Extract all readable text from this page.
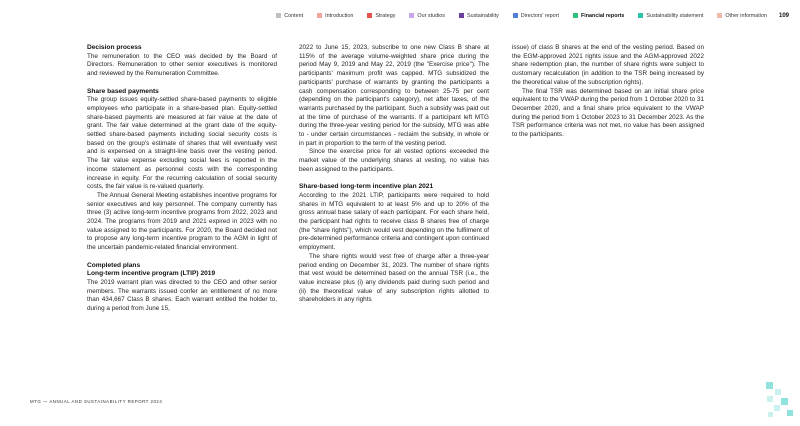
Content	Introduction	Strategy	Our studios	Sustainability	Directors' report	Financial reports	Sustainability statement	Other information 109
Decision process

The remuneration to the CEO was decided by the Board of Directors. Remuneration to other senior executives is monitored and reviewed by the Remuneration Committee.

Share based payments

The group issues equity-settled share-based payments to eligible employees who participate in a share-based plan. Equity-settled share-based payments are measured at fair value at the date of grant. The fair value determined at the grant date of the equity-settled share-based payments including social security costs is based on the group's estimate of shares that will eventually vest and is expensed on a straight-line basis over the vesting period. The fair value expense excluding social fees is reported in the income statement as personnel costs with the corresponding increase in equity. For the recurring calculation of social security costs, the fair value is re-valued quarterly.

The Annual General Meeting establishes incentive programs for senior executives and key personnel. The company currently has three (3) active long-term incentive programs from 2022, 2023 and 2024. The programs from 2019 and 2021 expired in 2023 with no value assigned to the participants. For 2020, the Board decided not to propose any long-term incentive program to the AGM in light of the uncertain pandemic-related financial environment.

Completed plans
Long-term incentive program (LTIP) 2019

The 2019 warrant plan was directed to the CEO and other senior members. The warrants issued confer an entitlement of no more than 434,667 Class B shares. Each warrant entitled the holder to, during a period from June 15,

2022 to June 15, 2023, subscribe to one new Class B share at 115% of the average volume-weighted share price during the period May 9, 2019 and May 22, 2019 (the "Exercise price"). The participants' maximum profit was capped. MTG subsidized the participants' purchase of warrants by granting the participants a cash compensation corresponding to between 25-75 per cent (depending on the participant's category), net after taxes, of the warrants purchased by the participant. Such a subsidy was paid out at the time of purchase of the warrants. If a participant left MTG during the three-year vesting period for the subsidy, MTG was able to - under certain circumstances - reclaim the subsidy, in whole or in part in proportion to the term of the vesting period.

Since the exercise price for all vested options exceeded the market value of the underlying shares at vesting, no value has been assigned to the participants.

Share-based long-term incentive plan 2021

According to the 2021 LTIP, participants were required to hold shares in MTG equivalent to at least 5% and up to 20% of the gross annual base salary of each participant. For each share held, the participant had rights to receive class B shares free of charge (the "share rights"), which would vest depending on the fulfilment of pre-determined performance criteria and contingent upon continued employment.

The share rights would vest free of charge after a three-year period ending on December 31, 2023. The number of share rights that vest would be determined based on the annual TSR (i.e., the value increase plus (i) any dividends paid during such period and (ii) the theoretical value of any subscription rights allotted to shareholders in any rights

issue) of class B shares at the end of the vesting period. Based on the EGM-approved 2021 rights issue and the AGM-approved 2022 share redemption plan, the number of share rights were subject to customary recalculation (in addition to the TSR being increased by the theoretical value of the subscription rights).

The final TSR was determined based on an initial share price equivalent to the VWAP during the period from 1 October 2020 to 31 December 2020, and a final share price equivalent to the VWAP during the period from 1 October 2023 to 31 December 2023. As the TSR performance criteria was not met, no value has been assigned to the participants.

MTG — ANNUAL AND SUSTAINABILITY REPORT 2024
